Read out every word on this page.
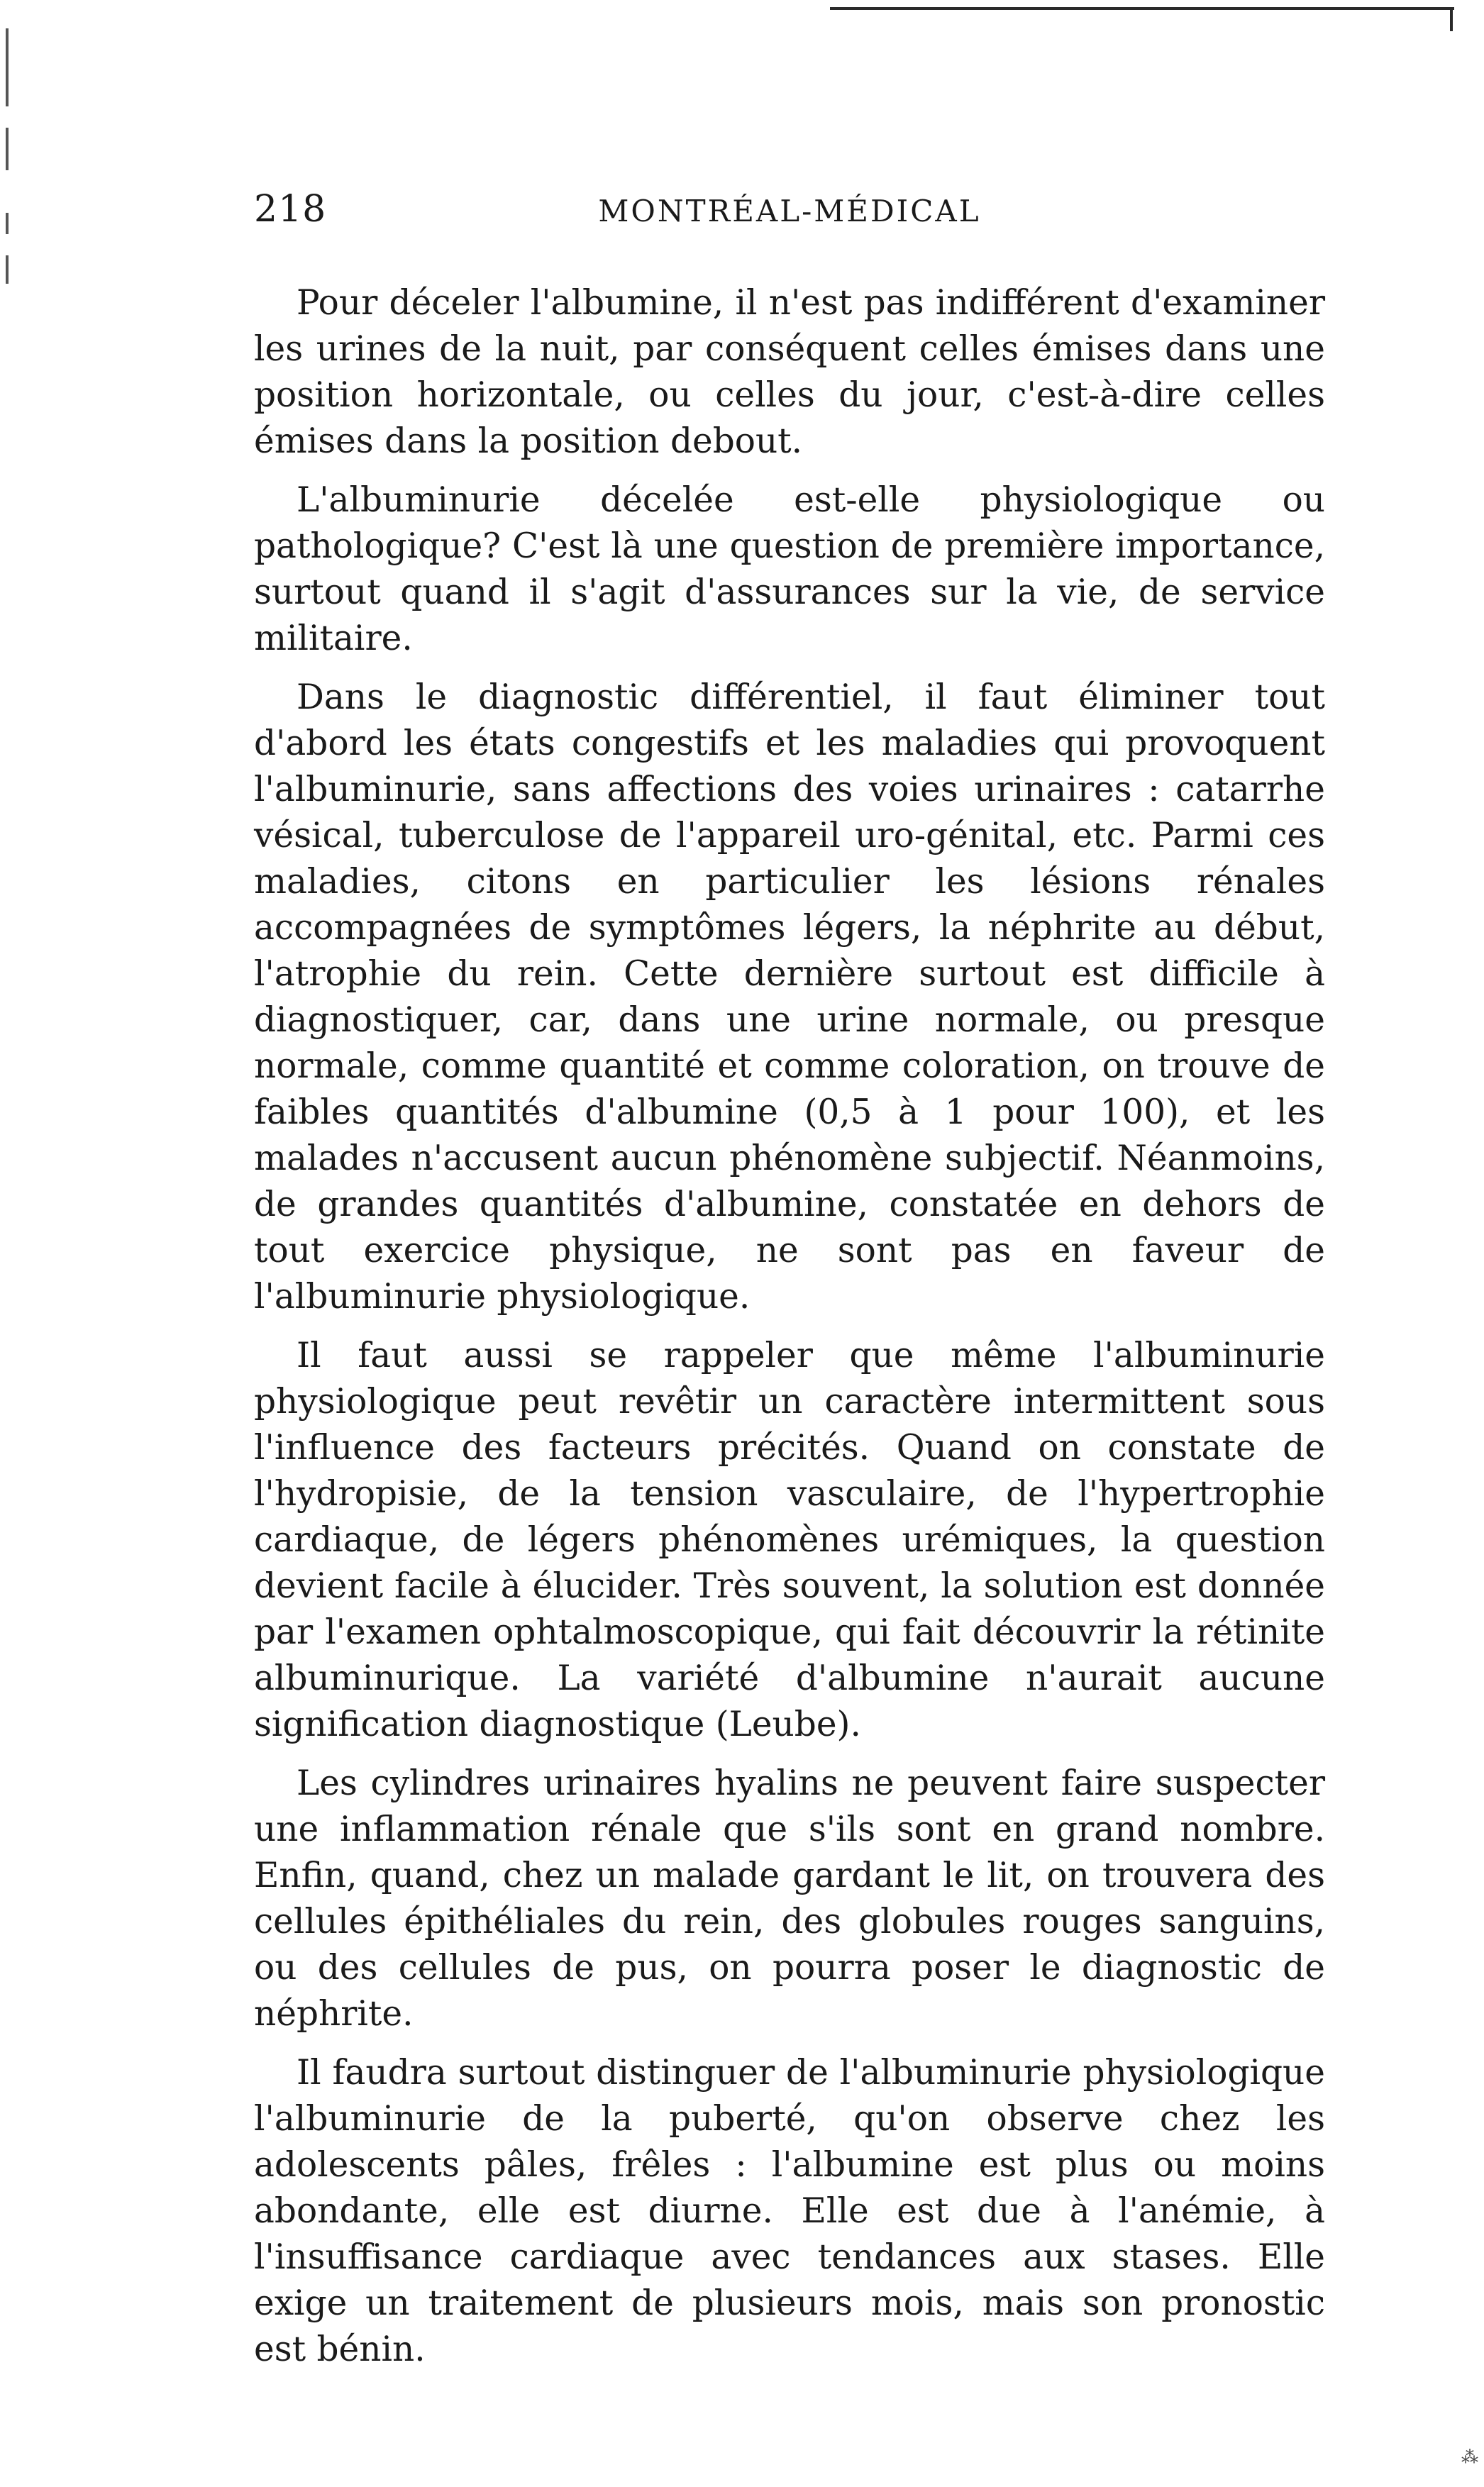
218	MONTRÉAL-MÉDICAL

Pour déceler l'albumine, il n'est pas indifférent d'examiner les urines de la nuit, par conséquent celles émises dans une position horizontale, ou celles du jour, c'est-à-dire celles émises dans la position debout.

L'albuminurie décelée est-elle physiologique ou pathologique? C'est là une question de première importance, surtout quand il s'agit d'assurances sur la vie, de service militaire.

Dans le diagnostic différentiel, il faut éliminer tout d'abord les états congestifs et les maladies qui provoquent l'albuminurie, sans affections des voies urinaires : catarrhe vésical, tuberculose de l'appareil uro-génital, etc. Parmi ces maladies, citons en particulier les lésions rénales accompagnées de symptômes légers, la néphrite au début, l'atrophie du rein. Cette dernière surtout est difficile à diagnostiquer, car, dans une urine normale, ou presque normale, comme quantité et comme coloration, on trouve de faibles quantités d'albumine (0,5 à 1 pour 100), et les malades n'accusent aucun phénomène subjectif. Néanmoins, de grandes quantités d'albumine, constatée en dehors de tout exercice physique, ne sont pas en faveur de l'albuminurie physiologique.

Il faut aussi se rappeler que même l'albuminurie physiologique peut revêtir un caractère intermittent sous l'influence des facteurs précités. Quand on constate de l'hydropisie, de la tension vasculaire, de l'hypertrophie cardiaque, de légers phénomènes urémiques, la question devient facile à élucider. Très souvent, la solution est donnée par l'examen ophtalmoscopique, qui fait découvrir la rétinite albuminurique. La variété d'albumine n'aurait aucune signification diagnostique (Leube).

Les cylindres urinaires hyalins ne peuvent faire suspecter une inflammation rénale que s'ils sont en grand nombre. Enfin, quand, chez un malade gardant le lit, on trouvera des cellules épithéliales du rein, des globules rouges sanguins, ou des cellules de pus, on pourra poser le diagnostic de néphrite.

Il faudra surtout distinguer de l'albuminurie physiologique l'albuminurie de la puberté, qu'on observe chez les adolescents pâles, frêles : l'albumine est plus ou moins abondante, elle est diurne. Elle est due à l'anémie, à l'insuffisance cardiaque avec tendances aux stases. Elle exige un traitement de plusieurs mois, mais son pronostic est bénin.

⁂
